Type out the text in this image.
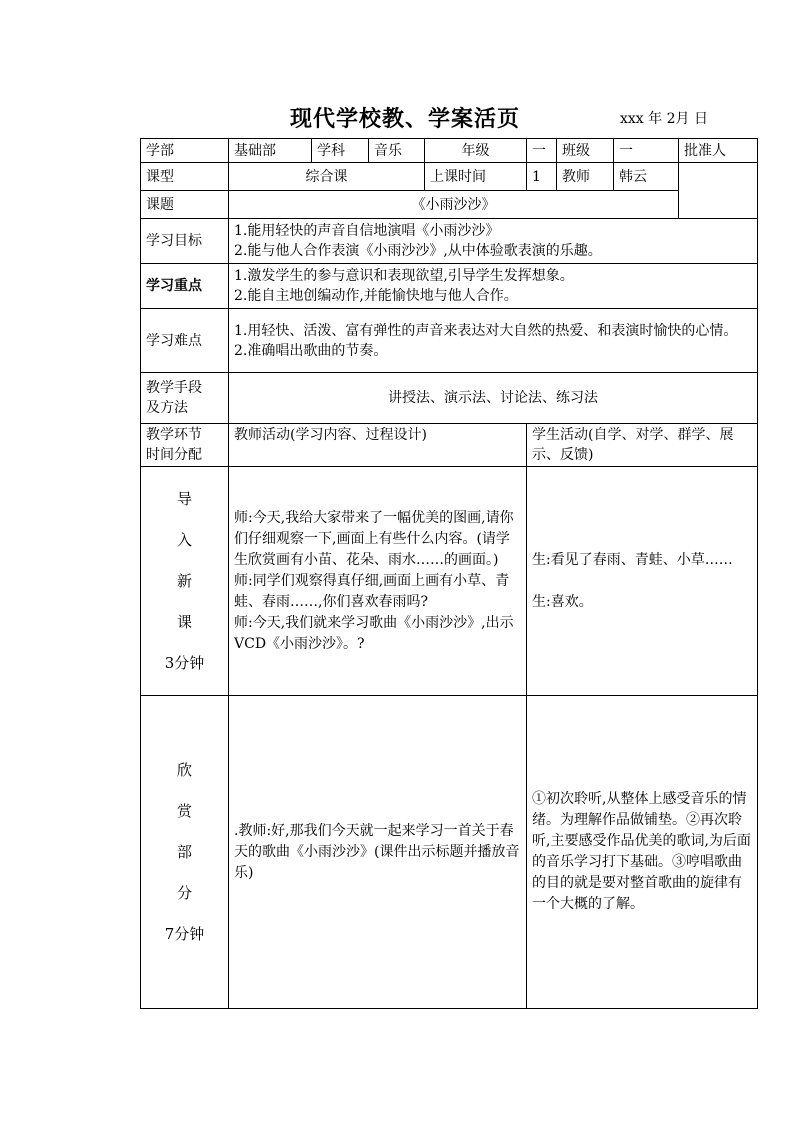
现代学校教、学案活页	xxx 年 2月 日
学部	基础部	学科	音乐	年级	一	班级	一	批准人
课型	综合课			上课时间	1	教师	韩云	
课题	《小雨沙沙》							
学习目标	1.能用轻快的声音自信地演唱《小雨沙沙》
2.能与他人合作表演《小雨沙沙》,从中体验歌表演的乐趣。							

学习重点	1.激发学生的参与意识和表现欲望,引导学生发挥想象。
2.能自主地创编动作,并能愉快地与他人合作。							

学习难点	1.用轻快、活泼、富有弹性的声音来表达对大自然的热爱、和表演时愉快的心情。
2.准确唱出歌曲的节奏。							

教学手段
及方法	讲授法、演示法、讨论法、练习法							

教学环节
时间分配	教师活动(学习内容、过程设计)				学生活动(自学、对学、群学、展示、反馈)			

导
入
新
课
3分钟	师:今天,我给大家带来了一幅优美的图画,请你们仔细观察一下,画面上有些什么内容。(请学生欣赏画有小苗、花朵、雨水……的画面。)
师:同学们观察得真仔细,画面上画有小草、青蛙、春雨……,你们喜欢春雨吗?
师:今天,我们就来学习歌曲《小雨沙沙》,出示VCD《小雨沙沙》。?				生:看见了春雨、青蛙、小草……

生:喜欢。			

欣
赏
部
分
7分钟	.教师:好,那我们今天就一起来学习一首关于春天的歌曲《小雨沙沙》(课件出示标题并播放音乐)				①初次聆听,从整体上感受音乐的情绪。为理解作品做铺垫。②再次聆听,主要感受作品优美的歌词,为后面的音乐学习打下基础。③哼唱歌曲的目的就是要对整首歌曲的旋律有一个大概的了解。			
